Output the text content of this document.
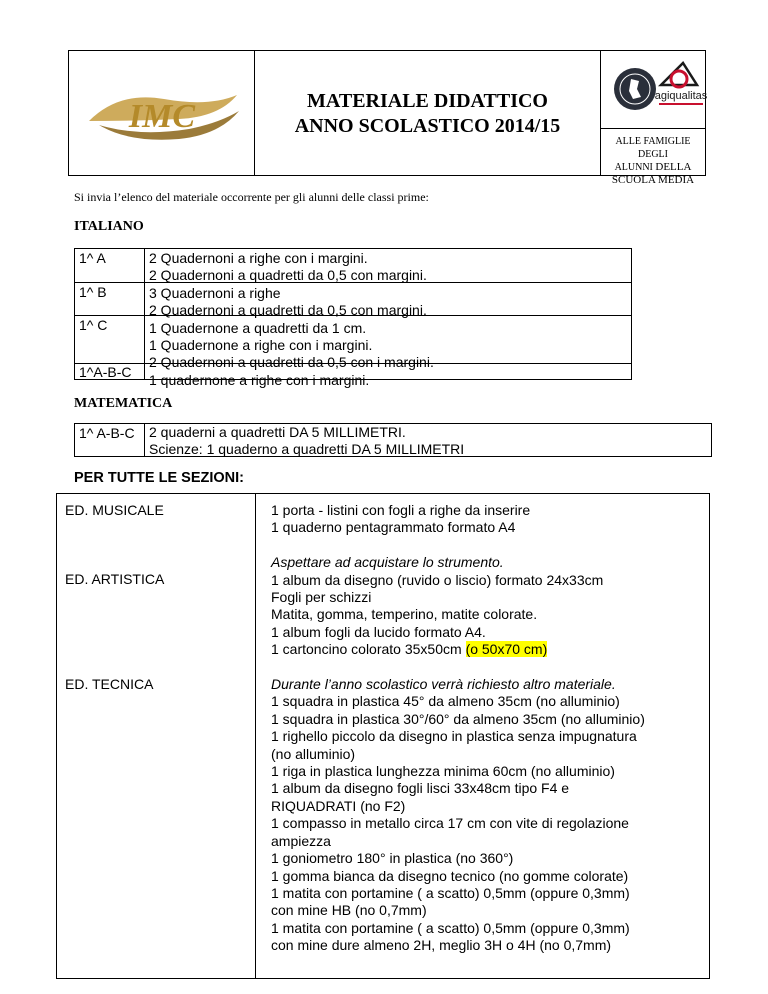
IMC	MATERIALE DIDATTICO
ANNO SCOLASTICO 2014/15
agiqualitas
ALLE FAMIGLIE DEGLI
ALUNNI DELLA
SCUOLA MEDIA
Si invia l’elenco del materiale occorrente per gli alunni delle classi prime:
ITALIANO
1^ A
1^ B
1^ C
1^A-B-C
2 Quadernoni a righe con i margini.
2 Quadernoni a quadretti da 0,5 con margini.
3 Quadernoni a righe
2 Quadernoni a quadretti da 0,5 con margini.
1 Quadernone a quadretti da 1 cm.
1 Quadernone a righe con i margini.
2 Quadernoni a quadretti da 0,5 con i margini.
1 quadernone a righe con i margini.
MATEMATICA
1^ A-B-C 2 quaderni a quadretti DA 5 MILLIMETRI.
Scienze: 1 quaderno a quadretti DA 5 MILLIMETRI
PER TUTTE LE SEZIONI:
ED. MUSICALE
ED. ARTISTICA
ED. TECNICA
1 porta - listini con fogli a righe da inserire
1 quaderno pentagrammato formato A4
Aspettare ad acquistare lo strumento.
1 album da disegno (ruvido o liscio) formato 24x33cm
Fogli per schizzi
Matita, gomma, temperino, matite colorate.
1 album fogli da lucido formato A4.
1 cartoncino colorato 35x50cm (o 50x70 cm)
Durante l’anno scolastico verrà richiesto altro materiale.
1 squadra in plastica 45° da almeno 35cm (no alluminio)
1 squadra in plastica 30°/60° da almeno 35cm (no alluminio)
1 righello piccolo da disegno in plastica senza impugnatura
(no alluminio)
1 riga in plastica lunghezza minima 60cm (no alluminio)
1 album da disegno fogli lisci 33x48cm tipo F4 e
RIQUADRATI (no F2)
1 compasso in metallo circa 17 cm con vite di regolazione
ampiezza
1 goniometro 180° in plastica (no 360°)
1 gomma bianca da disegno tecnico (no gomme colorate)
1 matita con portamine ( a scatto) 0,5mm (oppure 0,3mm)
con mine HB (no 0,7mm)
1 matita con portamine ( a scatto) 0,5mm (oppure 0,3mm)
con mine dure almeno 2H, meglio 3H o 4H (no 0,7mm)
